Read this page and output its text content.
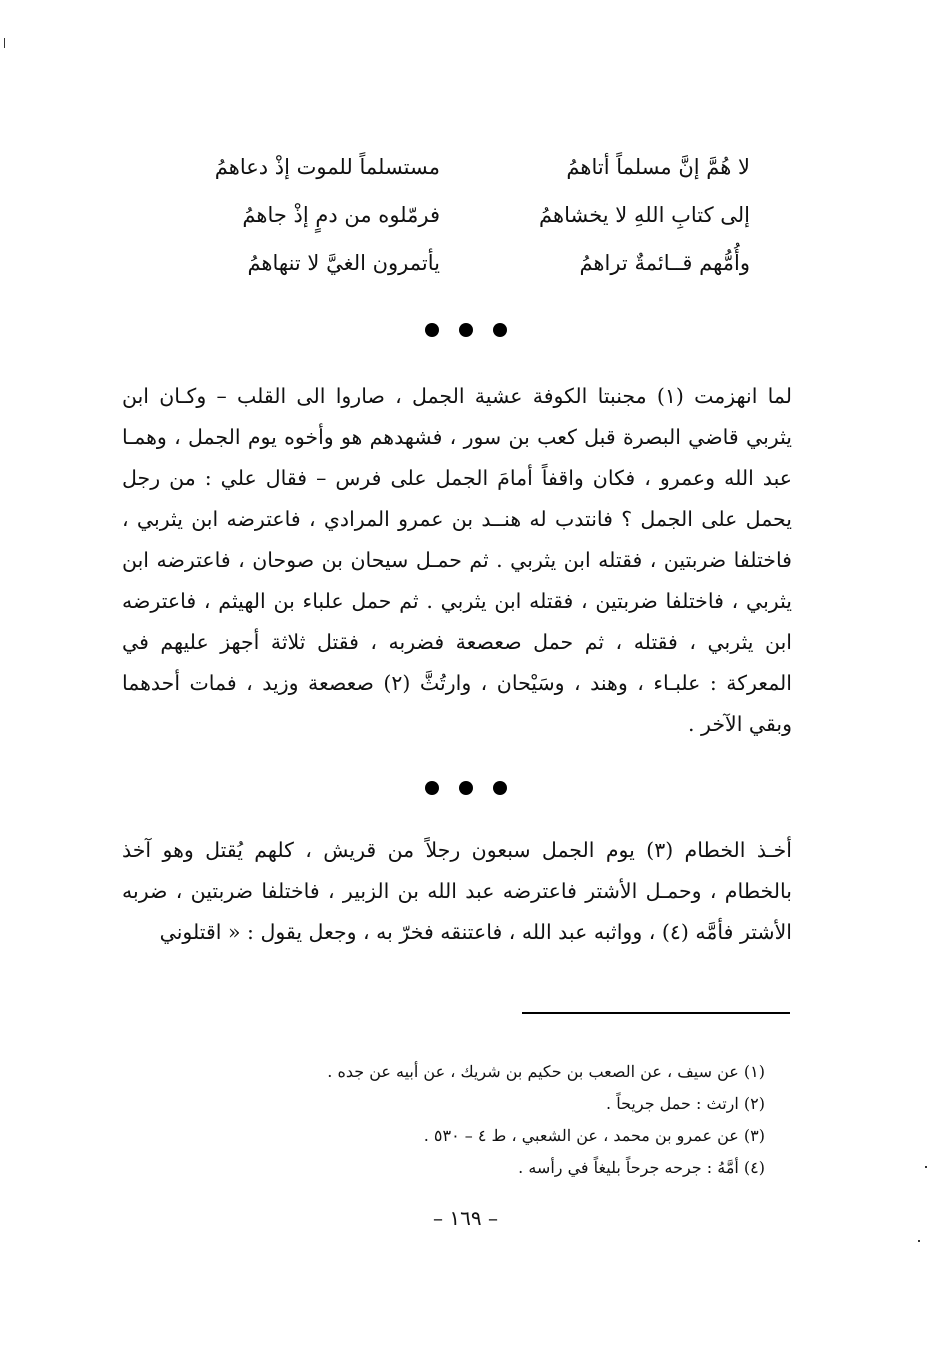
لا هُمَّ إنَّ مسلماً أتاهمُ
مستسلماً للموت إذْ دعاهمُ
إلى كتابِ اللهِ لا يخشاهمُ
فرمّلوه من دمٍ إذْ جاهمُ
وأُمُّهم قــائمةٌ تراهمُ
يأتمرون الغيَّ لا تنهاهمُ

لما انهزمت (١) مجنبتا الكوفة عشية الجمل ، صاروا الى القلب – وكـان ابن يثربي قاضي البصرة قبل كعب بن سور ، فشهدهم هو وأخوه يوم الجمل ، وهمـا عبد الله وعمرو ، فكان واقفاً أمامَ الجمل على فرس – فقال علي : من رجل يحمل على الجمل ؟ فانتدب له هنــد بن عمرو المرادي ، فاعترضه ابن يثربي ، فاختلفا ضربتين ، فقتله ابن يثربي . ثم حمـل سيحان بن صوحان ، فاعترضه ابن يثربي ، فاختلفا ضربتين ، فقتله ابن يثربي . ثم حمل علباء بن الهيثم ، فاعترضه ابن يثربي ، فقتله ، ثم حمل صعصعة فضربه ، فقتل ثلاثة أجهز عليهم في المعركة : علبـاء ، وهند ، وسَيْحان ، وارتُثَّ (٢) صعصعة وزيد ، فمات أحدهما وبقي الآخر .

أخـذ الخطام (٣) يوم الجمل سبعون رجلاً من قريش ، كلهم يُقتل وهو آخذ بالخطام ، وحمـل الأشتر فاعترضه عبد الله بن الزبير ، فاختلفا ضربتين ، ضربه الأشتر فأمَّه (٤) ، وواثبه عبد الله ، فاعتنقه فخرّ به ، وجعل يقول : « اقتلوني

(١) عن سيف ، عن الصعب بن حكيم بن شريك ، عن أبيه عن جده .
(٢) ارتث : حمل جريحاً .
(٣) عن عمرو بن محمد ، عن الشعبي ، ط ٤ – ٥٣٠ .
(٤) أمَّهُ : جرحه جرحاً بليغاً في رأسه .
– ١٦٩ –
